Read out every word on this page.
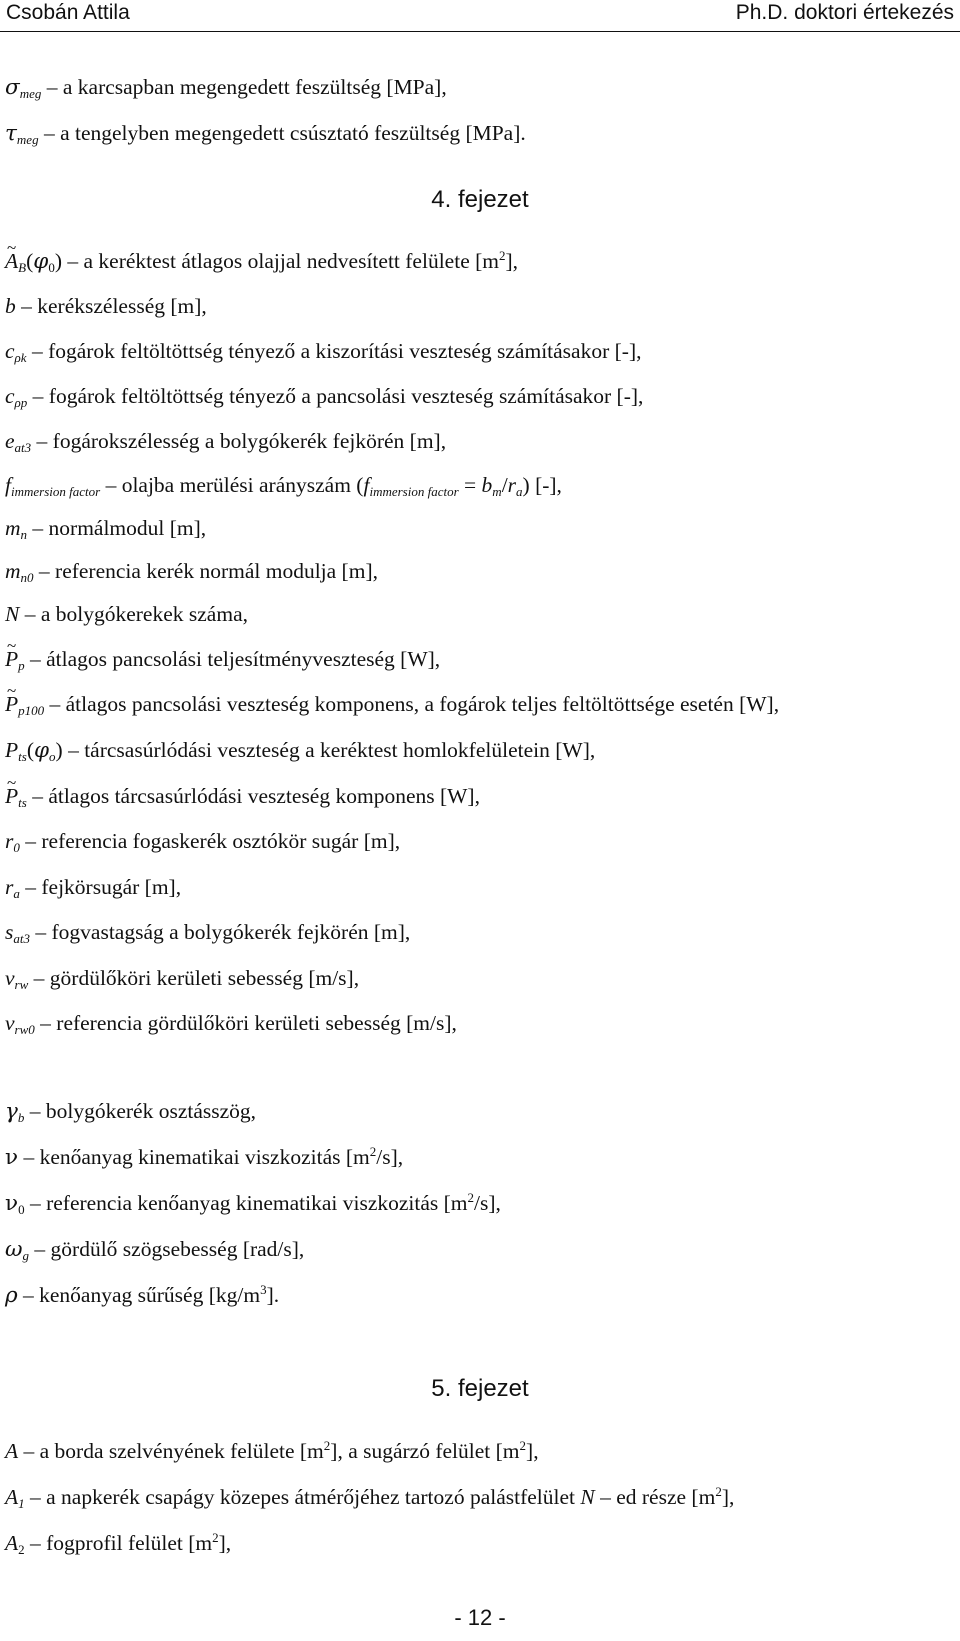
Csobán Attila	Ph.D. doktori értekezés
$\sigma_{meg}$ – a karcsapban megengedett feszültség [MPa],
$\tau_{meg}$ – a tengelyben megengedett csúsztató feszültség [MPa].
4. fejezet
~ $A_B(\varphi_0)$ – a keréktest átlagos olajjal nedvesített felülete $[m^2]$,
b – kerékszélesség [m],
$c_{\rho k}$ – fogárok feltöltöttség tényező a kiszorítási veszteség számításakor [-],
$c_{\rho p}$ – fogárok feltöltöttség tényező a pancsolási veszteség számításakor [-],
$e_{at3}$ – fogárokszélesség a bolygókerék fejkörén [m],
$f_{immersion factor}$ – olajba merülési arányszám $(f_{immersion factor} = b_m/r_a)$ [-],
$m_n$ – normálmodul [m],
$m_{n0}$ – referencia kerék normál modulja [m],
N – a bolygókerekek száma,
~ $P_p$ – átlagos pancsolási teljesítményveszteség [W],
~ $P_{p100}$ – átlagos pancsolási veszteség komponens, a fogárok teljes feltöltöttsége esetén [W],
$P_{ts}(\varphi_o)$ – tárcsasúrlódási veszteség a keréktest homlokfelületein [W],
~ $P_{ts}$ – átlagos tárcsasúrlódási veszteség komponens [W],
$r_0$ – referencia fogaskerék osztókör sugár [m],
$r_a$ – fejkörsugár [m],
$s_{at3}$ – fogvastagság a bolygókerék fejkörén [m],
$v_{rw}$ – gördülőköri kerületi sebesség [m/s],
$v_{rw0}$ – referencia gördülőköri kerületi sebesség [m/s],
$\gamma_b$ – bolygókerék osztásszög,
ν – kenőanyag kinematikai viszkozitás $[m^2/s]$,
$\nu_0$ – referencia kenőanyag kinematikai viszkozitás $[m^2/s]$,
$\omega_g$ – gördülő szögsebesség [rad/s],
ρ – kenőanyag sűrűség $[kg/m^3]$.
5. fejezet
A – a borda szelvényének felülete $[m^2]$, a sugárzó felület $[m^2]$,
$A_1$ – a napkerék csapágy közepes átmérőjéhez tartozó palástfelület N – ed része $[m^2]$,
$A_2$ – fogprofil felület $[m^2]$,
- 12 -
